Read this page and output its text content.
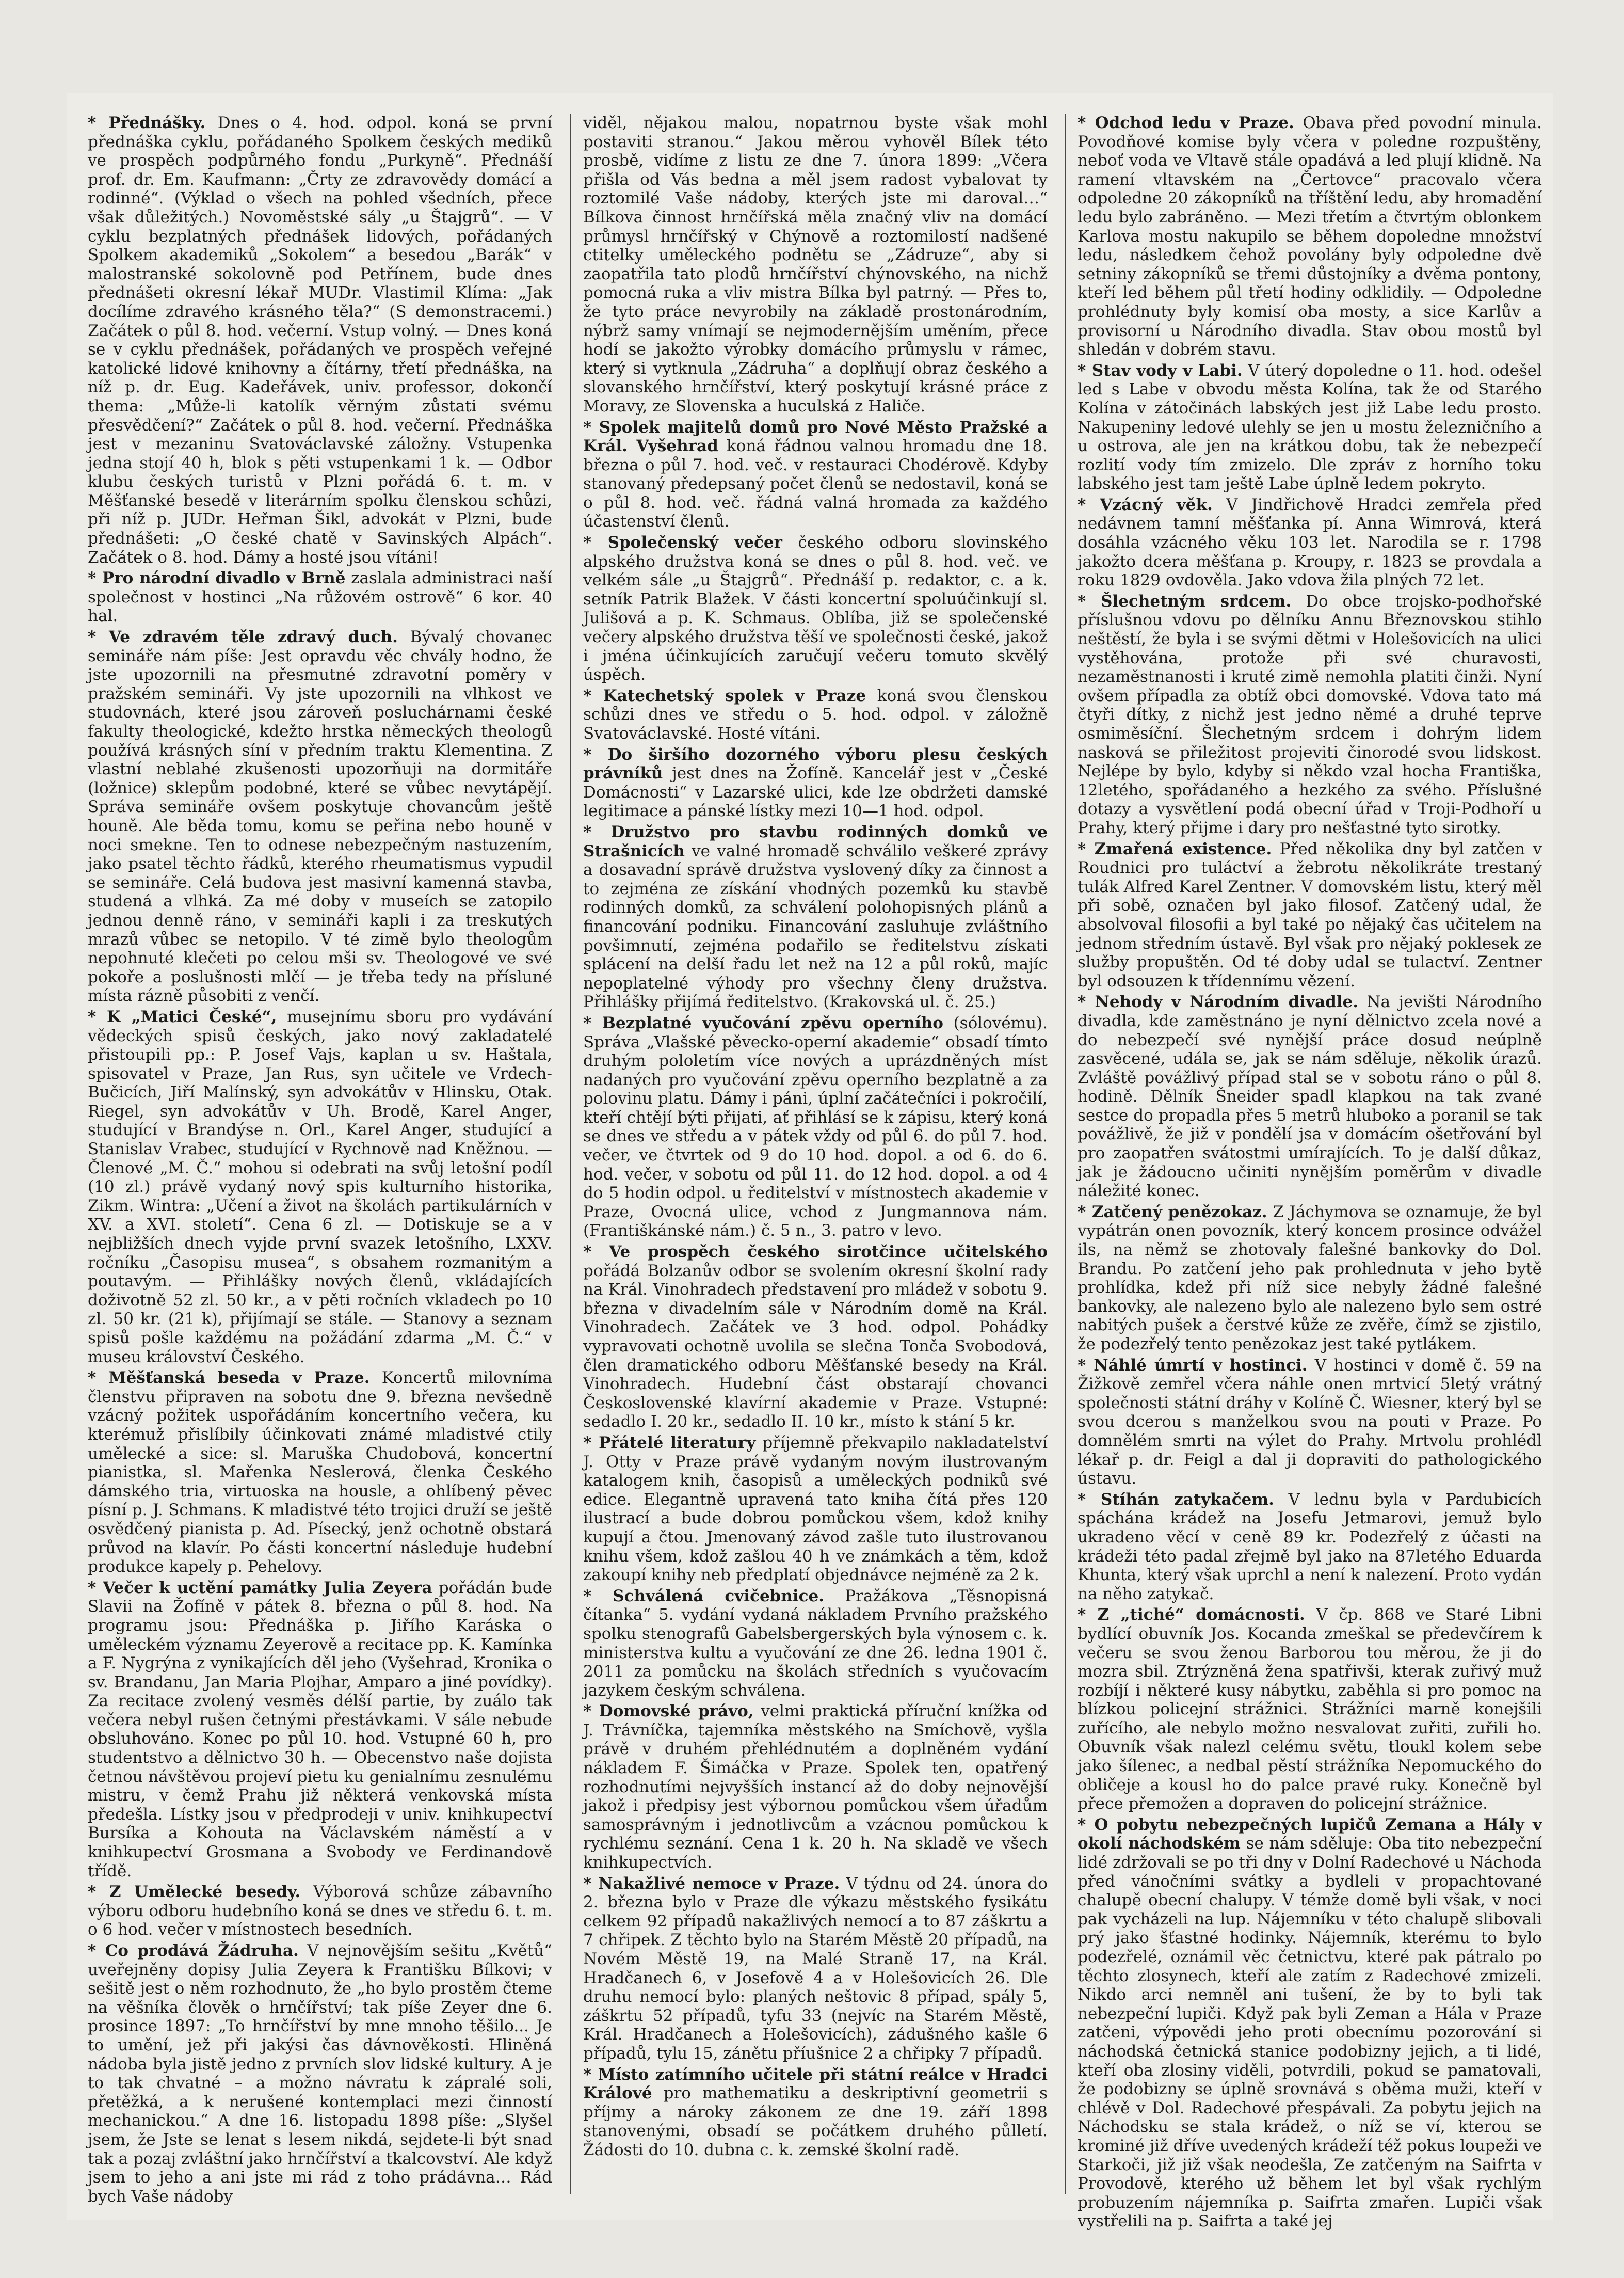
* Přednášky. Dnes o 4. hod. odpol. koná se první přednáška cyklu, pořádaného Spolkem českých mediků ve prospěch podpůrného fondu „Purkyně“. Přednáší prof. dr. Em. Kaufmann: „Črty ze zdravovědy domácí a rodinné“. (Výklad o všech na pohled všedních, přece však důležitých.) Novoměstské sály „u Štajgrů“. — V cyklu bezplatných přednášek lidových, pořádaných Spolkem akademiků „Sokolem“ a besedou „Barák“ v malostranské sokolovně pod Petřínem, bude dnes přednášeti okresní lékař MUDr. Vlastimil Klíma: „Jak docílíme zdravého krásného těla?“ (S demonstracemi.) Začátek o půl 8. hod. večerní. Vstup volný. — Dnes koná se v cyklu přednášek, pořádaných ve prospěch veřejné katolické lidové knihovny a čítárny, třetí přednáška, na níž p. dr. Eug. Kadeřávek, univ. professor, dokončí thema: „Může-li katolík věrným zůstati svému přesvědčení?“ Začátek o půl 8. hod. večerní. Přednáška jest v mezaninu Svatováclavské záložny. Vstupenka jedna stojí 40 h, blok s pěti vstupenkami 1 k. — Odbor klubu českých turistů v Plzni pořádá 6. t. m. v Měšťanské besedě v literárním spolku členskou schůzi, při níž p. JUDr. Heřman Šikl, advokát v Plzni, bude přednášeti: „O české chatě v Savinských Alpách“. Začátek o 8. hod. Dámy a hosté jsou vítáni!

* Pro národní divadlo v Brně zaslala administraci naší společnost v hostinci „Na růžovém ostrově“ 6 kor. 40 hal.

* Ve zdravém těle zdravý duch. Bývalý chovanec semináře nám píše: Jest opravdu věc chvály hodno, že jste upozornili na přesmutné zdravotní poměry v pražském semináři. Vy jste upozornili na vlhkost ve studovnách, které jsou zároveň posluchárnami české fakulty theologické, kdežto hrstka německých theologů používá krásných síní v předním traktu Klementina. Z vlastní neblahé zkušenosti upozorňuji na dormitáře (ložnice) sklepům podobné, které se vůbec nevytápějí. Správa semináře ovšem poskytuje chovancům ještě houně. Ale běda tomu, komu se peřina nebo houně v noci smekne. Ten to odnese nebezpečným nastuzením, jako psatel těchto řádků, kterého rheumatismus vypudil se semináře. Celá budova jest masivní kamenná stavba, studená a vlhká. Za mé doby v museích se zatopilo jednou denně ráno, v semináři kapli i za treskutých mrazů vůbec se netopilo. V té zimě bylo theologům nepohnuté klečeti po celou mši sv. Theologové ve své pokoře a poslušnosti mlčí — je třeba tedy na přísluné místa rázně působiti z venčí.

* K „Matici České“, musejnímu sboru pro vydávání vědeckých spisů českých, jako nový zakladatelé přistoupili pp.: P. Josef Vajs, kaplan u sv. Haštala, spisovatel v Praze, Jan Rus, syn učitele ve Vrdech-Bučicích, Jiří Malínský, syn advokátův v Hlinsku, Otak. Riegel, syn advokátův v Uh. Brodě, Karel Anger, studující v Brandýse n. Orl., Karel Anger, studující a Stanislav Vrabec, studující v Rychnově nad Kněžnou. — Členové „M. Č.“ mohou si odebrati na svůj letošní podíl (10 zl.) právě vydaný nový spis kulturního historika, Zikm. Wintra: „Učení a život na školách partikulárních v XV. a XVI. století“. Cena 6 zl. — Dotiskuje se a v nejbližších dnech vyjde první svazek letošního, LXXV. ročníku „Časopisu musea“, s obsahem rozmanitým a poutavým. — Přihlášky nových členů, vkládajících doživotně 52 zl. 50 kr., a v pěti ročních vkladech po 10 zl. 50 kr. (21 k), přijímají se stále. — Stanovy a seznam spisů pošle každému na požádání zdarma „M. Č.“ v museu království Českého.

* Měšťanská beseda v Praze. Koncertů milovníma členstvu připraven na sobotu dne 9. března nevšedně vzácný požitek uspořádáním koncertního večera, ku kterémuž přislíbily účinkovati známé mladistvé ctily umělecké a sice: sl. Maruška Chudobová, koncertní pianistka, sl. Mařenka Neslerová, členka Českého dámského tria, virtuoska na housle, a ohlíbený pěvec písní p. J. Schmans. K mladistvé této trojici druží se ještě osvědčený pianista p. Ad. Písecký, jenž ochotně obstará průvod na klavír. Po části koncertní následuje hudební produkce kapely p. Pehelovy.

* Večer k uctění památky Julia Zeyera pořádán bude Slavii na Žofíně v pátek 8. března o půl 8. hod. Na programu jsou: Přednáška p. Jiřího Karáska o uměleckém významu Zeyerově a recitace pp. K. Kamínka a F. Nygrýna z vynikajících děl jeho (Vyšehrad, Kronika o sv. Brandanu, Jan Maria Plojhar, Amparo a jiné povídky). Za recitace zvolený vesměs délší partie, by zuálo tak večera nebyl rušen četnými přestávkami. V sále nebude obsluhováno. Konec po půl 10. hod. Vstupné 60 h, pro studentstvo a dělnictvo 30 h. — Obecenstvo naše dojista četnou návštěvou projeví pietu ku genialnímu zesnulému mistru, v čemž Prahu již některá venkovská místa předešla. Lístky jsou v předprodeji v univ. knihkupectví Bursíka a Kohouta na Václavském náměstí a v knihkupectví Grosmana a Svobody ve Ferdinandově třídě.

* Z Umělecké besedy. Výborová schůze zábavního výboru odboru hudebního koná se dnes ve středu 6. t. m. o 6 hod. večer v místnostech besedních.

* Co prodává Žádruha. V nejnovějším sešitu „Květů“ uveřejněny dopisy Julia Zeyera k Františku Bílkovi; v sešitě jest o něm rozhodnuto, že „ho bylo prostěm čteme na věšníka člověk o hrnčířství; tak píše Zeyer dne 6. prosince 1897: „To hrnčířství by mne mnoho těšilo... Je to umění, jež při jakýsi čas dávnověkosti. Hliněná nádoba byla jistě jedno z prvních slov lidské kultury. A je to tak chvatné – a možno návratu k zápralé soli, přetěžká, a k nerušené kontemplaci mezi činností mechanickou.“ A dne 16. listopadu 1898 píše: „Slyšel jsem, že Jste se lenat s lesem nikdá, sejdete-li být snad tak a pozaj zvláštní jako hrnčířství a tkalcovství. Ale když jsem to jeho a ani jste mi rád z toho prádávna… Rád bych Vaše nádoby

viděl, nějakou malou, nopatrnou byste však mohl postaviti stranou.“ Jakou měrou vyhověl Bílek této prosbě, vidíme z listu ze dne 7. února 1899: „Včera přišla od Vás bedna a měl jsem radost vybalovat ty roztomilé Vaše nádoby, kterých jste mi daroval…“ Bílkova činnost hrnčířská měla značný vliv na domácí průmysl hrnčířský v Chýnově a roztomilostí nadšené ctitelky uměleckého podnětu se „Zádruze“, aby si zaopatřila tato plodů hrnčířství chýnovského, na nichž pomocná ruka a vliv mistra Bílka byl patrný. — Přes to, že tyto práce nevyrobily na základě prostonárodním, nýbrž samy vnímají se nejmodernějším uměním, přece hodí se jakožto výrobky domácího průmyslu v rámec, který si vytknula „Zádruha“ a doplňují obraz českého a slovanského hrnčířství, který poskytují krásné práce z Moravy, ze Slovenska a huculská z Haliče.

* Spolek majitelů domů pro Nové Město Pražské a Král. Vyšehrad koná řádnou valnou hromadu dne 18. března o půl 7. hod. več. v restauraci Chodérově. Kdyby stanovaný předepsaný počet členů se nedostavil, koná se o půl 8. hod. več. řádná valná hromada za každého účastenství členů.

* Společenský večer českého odboru slovinského alpského družstva koná se dnes o půl 8. hod. več. ve velkém sále „u Štajgrů“. Přednáší p. redaktor, c. a k. setník Patrik Blažek. V části koncertní spoluúčinkují sl. Julišová a p. K. Schmaus. Oblíba, již se společenské večery alpského družstva těší ve společnosti české, jakož i jména účinkujících zaručují večeru tomuto skvělý úspěch.

* Katechetský spolek v Praze koná svou členskou schůzi dnes ve středu o 5. hod. odpol. v záložně Svatováclavské. Hosté vítáni.

* Do širšího dozorného výboru plesu českých právníků jest dnes na Žofíně. Kancelář jest v „České Domácnosti“ v Lazarské ulici, kde lze obdržeti damské legitimace a pánské lístky mezi 10—1 hod. odpol.

* Družstvo pro stavbu rodinných domků ve Strašnicích ve valné hromadě schválilo veškeré zprávy a dosavadní správě družstva vyslovený díky za činnost a to zejména ze získání vhodných pozemků ku stavbě rodinných domků, za schválení polohopisných plánů a financování podniku. Financování zasluhuje zvláštního povšimnutí, zejména podařilo se ředitelstvu získati splácení na delší řadu let než na 12 a půl roků, majíc nepoplatelné výhody pro všechny členy družstva. Přihlášky přijímá ředitelstvo. (Krakovská ul. č. 25.)

* Bezplatné vyučování zpěvu operního (sólovému). Správa „Vlašské pěvecko-operní akademie“ obsadí tímto druhým pololetím více nových a uprázdněných míst nadaných pro vyučování zpěvu operního bezplatně a za polovinu platu. Dámy i páni, úplní začátečníci i pokročilí, kteří chtějí býti přijati, ať přihlásí se k zápisu, který koná se dnes ve středu a v pátek vždy od půl 6. do půl 7. hod. večer, ve čtvrtek od 9 do 10 hod. dopol. a od 6. do 6. hod. večer, v sobotu od půl 11. do 12 hod. dopol. a od 4 do 5 hodin odpol. u ředitelství v místnostech akademie v Praze, Ovocná ulice, vchod z Jungmannova nám. (Františkánské nám.) č. 5 n., 3. patro v levo.

* Ve prospěch českého sirotčince učitelského pořádá Bolzanův odbor se svolením okresní školní rady na Král. Vinohradech představení pro mládež v sobotu 9. března v divadelním sále v Národním domě na Král. Vinohradech. Začátek ve 3 hod. odpol. Pohádky vypravovati ochotně uvolila se slečna Tonča Svobodová, člen dramatického odboru Měšťanské besedy na Král. Vinohradech. Hudební část obstarají chovanci Československé klavírní akademie v Praze. Vstupné: sedadlo I. 20 kr., sedadlo II. 10 kr., místo k stání 5 kr.

* Přátelé literatury příjemně překvapilo nakladatelství J. Otty v Praze právě vydaným novým ilustrovaným katalogem knih, časopisů a uměleckých podniků své edice. Elegantně upravená tato kniha čítá přes 120 ilustrací a bude dobrou pomůckou všem, kdož knihy kupují a čtou. Jmenovaný závod zašle tuto ilustrovanou knihu všem, kdož zašlou 40 h ve známkách a těm, kdož zakoupí knihy neb předplatí objednávce nejméně za 2 k.

* Schválená cvičebnice. Pražákova „Těsnopisná čítanka“ 5. vydání vydaná nákladem Prvního pražského spolku stenografů Gabelsbergerských byla výnosem c. k. ministerstva kultu a vyučování ze dne 26. ledna 1901 č. 2011 za pomůcku na školách středních s vyučovacím jazykem českým schválena.

* Domovské právo, velmi praktická příruční knížka od J. Trávníčka, tajemníka městského na Smíchově, vyšla právě v druhém přehlédnutém a doplněném vydání nákladem F. Šimáčka v Praze. Spolek ten, opatřený rozhodnutími nejvyšších instancí až do doby nejnovější jakož i předpisy jest výbornou pomůckou všem úřadům samosprávným i jednotlivcům a vzácnou pomůckou k rychlému seznání. Cena 1 k. 20 h. Na skladě ve všech knihkupectvích.

* Nakažlivé nemoce v Praze. V týdnu od 24. února do 2. března bylo v Praze dle výkazu městského fysikátu celkem 92 případů nakažlivých nemocí a to 87 záškrtu a 7 chřipek. Z těchto bylo na Starém Městě 20 případů, na Novém Městě 19, na Malé Straně 17, na Král. Hradčanech 6, v Josefově 4 a v Holešovicích 26. Dle druhu nemocí bylo: planých neštovic 8 případ, spály 5, záškrtu 52 případů, tyfu 33 (nejvíc na Starém Městě, Král. Hradčanech a Holešovicích), zádušného kašle 6 případů, tylu 15, zánětu příušnice 2 a chřipky 7 případů.

* Místo zatímního učitele při státní reálce v Hradci Králové pro mathematiku a deskriptivní geometrii s příjmy a nároky zákonem ze dne 19. září 1898 stanovenými, obsadí se počátkem druhého půlletí. Žádosti do 10. dubna c. k. zemské školní radě.

* Odchod ledu v Praze. Obava před povodní minula. Povodňové komise byly včera v poledne rozpuštěny, neboť voda ve Vltavě stále opadává a led plují klidně. Na ramení vltavském na „Čertovce“ pracovalo včera odpoledne 20 zákopníků na tříštění ledu, aby hromadění ledu bylo zabráněno. — Mezi třetím a čtvrtým oblonkem Karlova mostu nakupilo se během dopoledne množství ledu, následkem čehož povolány byly odpoledne dvě setniny zákopníků se třemi důstojníky a dvěma pontony, kteří led během půl třetí hodiny odklidily. — Odpoledne prohlédnuty byly komisí oba mosty, a sice Karlův a provisorní u Národního divadla. Stav obou mostů byl shledán v dobrém stavu.

* Stav vody v Labi. V úterý dopoledne o 11. hod. odešel led s Labe v obvodu města Kolína, tak že od Starého Kolína v zátočinách labských jest již Labe ledu prosto. Nakupeniny ledové ulehly se jen u mostu železničního a u ostrova, ale jen na krátkou dobu, tak že nebezpečí rozlití vody tím zmizelo. Dle zpráv z horního toku labského jest tam ještě Labe úplně ledem pokryto.

* Vzácný věk. V Jindřichově Hradci zemřela před nedávnem tamní měšťanka pí. Anna Wimrová, která dosáhla vzácného věku 103 let. Narodila se r. 1798 jakožto dcera měšťana p. Kroupy, r. 1823 se provdala a roku 1829 ovdověla. Jako vdova žila plných 72 let.

* Šlechetným srdcem. Do obce trojsko-podhořské příslušnou vdovu po dělníku Annu Březnovskou stihlo neštěstí, že byla i se svými dětmi v Holešovicích na ulici vystěhována, protože při své churavosti, nezaměstnanosti i kruté zimě nemohla platiti činži. Nyní ovšem případla za obtíž obci domovské. Vdova tato má čtyři dítky, z nichž jest jedno němé a druhé teprve osmiměsíční. Šlechetným srdcem i dohrým lidem nasková se přiležitost projeviti činorodé svou lidskost. Nejlépe by bylo, kdyby si někdo vzal hocha Františka, 12letého, spořádaného a hezkého za svého. Příslušné dotazy a vysvětlení podá obecní úřad v Troji-Podhoří u Prahy, který přijme i dary pro nešťastné tyto sirotky.

* Zmařená existence. Před několika dny byl zatčen v Roudnici pro tuláctví a žebrotu několikráte trestaný tulák Alfred Karel Zentner. V domovském listu, který měl při sobě, označen byl jako filosof. Zatčený udal, že absolvoval filosofii a byl také po nějaký čas učitelem na jednom středním ústavě. Byl však pro nějaký poklesek ze služby propuštěn. Od té doby udal se tulactví. Zentner byl odsouzen k třídennímu vězení.

* Nehody v Národním divadle. Na jevišti Národního divadla, kde zaměstnáno je nyní dělnictvo zcela nové a do nebezpečí své nynější práce dosud neúplně zasvěcené, udála se, jak se nám sděluje, několik úrazů. Zvláště povážlivý případ stal se v sobotu ráno o půl 8. hodině. Dělník Šneider spadl klapkou na tak zvané sestce do propadla přes 5 metrů hluboko a poranil se tak povážlivě, že již v pondělí jsa v domácím ošetřování byl pro zaopatřen svátostmi umírajících. To je další důkaz, jak je žádoucno učiniti nynějším poměrům v divadle náležité konec.

* Zatčený penězokaz. Z Jáchymova se oznamuje, že byl vypátrán onen povozník, který koncem prosince odvážel ils, na němž se zhotovaly falešné bankovky do Dol. Brandu. Po zatčení jeho pak prohlednuta v jeho bytě prohlídka, kdež při níž sice nebyly žádné falešné bankovky, ale nalezeno bylo ale nalezeno bylo sem ostré nabitých pušek a čerstvé kůže ze zvěře, čímž se zjistilo, že podezřelý tento penězokaz jest také pytlákem.

* Náhlé úmrtí v hostinci. V hostinci v domě č. 59 na Žižkově zemřel včera náhle onen mrtvicí 5letý vrátný společnosti státní dráhy v Kolíně Č. Wiesner, který byl se svou dcerou s manželkou svou na pouti v Praze. Po domnělém smrti na výlet do Prahy. Mrtvolu prohlédl lékař p. dr. Feigl a dal ji dopraviti do pathologického ústavu.

* Stíhán zatykačem. V lednu byla v Pardubicích spáchána krádež na Josefu Jetmarovi, jemuž bylo ukradeno věcí v ceně 89 kr. Podezřelý z účasti na krádeži této padal zřejmě byl jako na 87letého Eduarda Khunta, který však uprchl a není k nalezení. Proto vydán na něho zatykač.

* Z „tiché“ domácnosti. V čp. 868 ve Staré Libni bydlící obuvník Jos. Kocanda zmeškal se předevčírem k večeru se svou ženou Barborou tou měrou, že ji do mozra sbil. Ztrýzněná žena spatřivši, kterak zuřivý muž rozbíjí i některé kusy nábytku, zaběhla si pro pomoc na blízkou policejní strážnici. Strážníci marně konejšili zuřícího, ale nebylo možno nesvalovat zuřiti, zuřili ho. Obuvník však nalezl celému světu, tloukl kolem sebe jako šílenec, a nedbal pěstí strážníka Nepomuckého do obličeje a kousl ho do palce pravé ruky. Konečně byl přece přemožen a dopraven do policejní strážnice.

* O pobytu nebezpečných lupičů Zemana a Hály v okolí náchodském se nám sděluje: Oba tito nebezpeční lidé zdržovali se po tři dny v Dolní Radechové u Náchoda před vánočními svátky a bydleli v propachtované chalupě obecní chalupy. V témže domě byli však, v noci pak vycházeli na lup. Nájemníku v této chalupě slibovali prý jako šťastné hodinky. Nájemník, kterému to bylo podezřelé, oznámil věc četnictvu, které pak pátralo po těchto zlosynech, kteří ale zatím z Radechové zmizeli. Nikdo arci nemněl ani tušení, že by to byli tak nebezpeční lupiči. Když pak byli Zeman a Hála v Praze zatčeni, výpovědi jeho proti obecnímu pozorování si náchodská četnická stanice podobizny jejich, a ti lidé, kteří oba zlosiny viděli, potvrdili, pokud se pamatovali, že podobizny se úplně srovnává s oběma muži, kteří v chlévě v Dol. Radechové přespávali. Za pobytu jejich na Náchodsku se stala krádež, o níž se ví, kterou se krominé již dříve uvedených krádeží též pokus loupeži ve Starkoči, již již však neodešla, Ze zatčeným na Saifrta v Provodově, kterého už během let byl však rychlým probuzením nájemníka p. Saifrta zmařen. Lupiči však vystřelili na p. Saifrta a také jej
